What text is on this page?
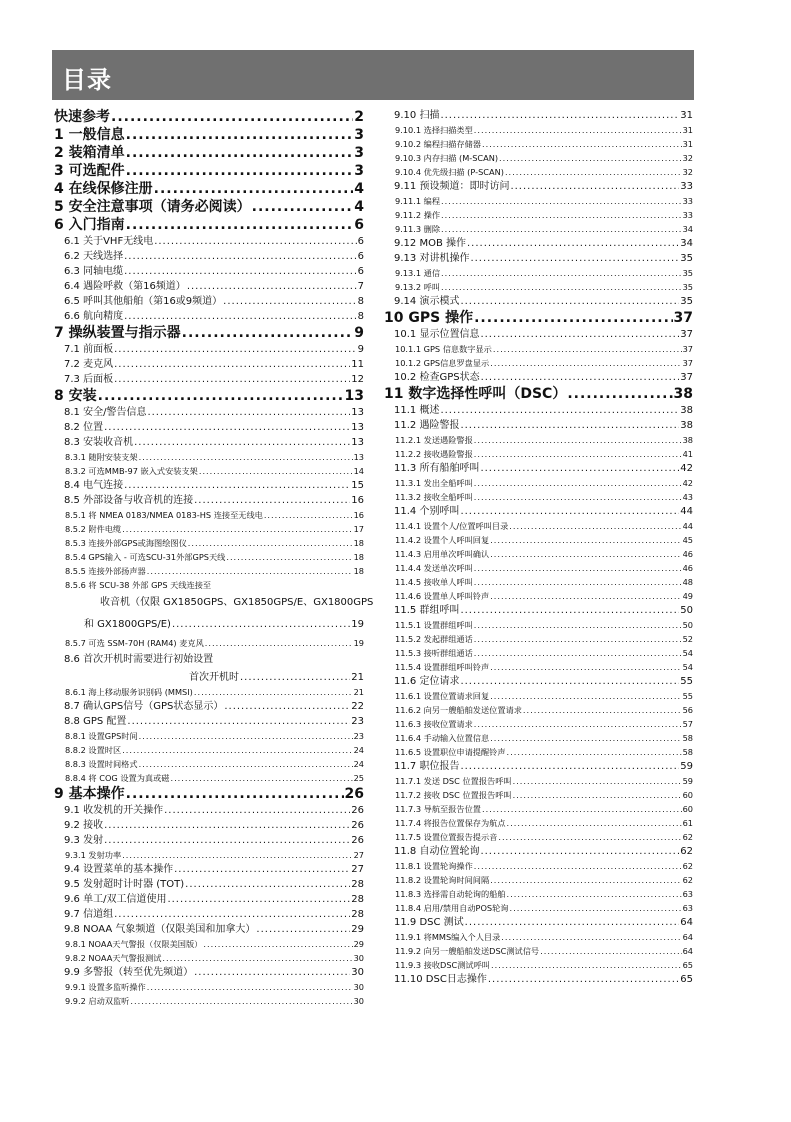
目录
快速参考 .....	2
1 一般信息 .....	3
2 装箱清单 .....	3
3 可选配件 .....	3
4 在线保修注册 .....	4
5 安全注意事项（请务必阅读） .....	4
6 入门指南 .....	6
6.1 关于VHF无线电 .....	6
6.2 天线选择 .....	6
6.3 同轴电缆 .....	6
6.4 遇险呼救（第16频道） .....	7
6.5 呼叫其他船舶（第16或9频道） .....	8
6.6 航向精度 .....	8
7 操纵装置与指示器 .....	9
7.1 前面板 .....	9
7.2 麦克风 .....	11
7.3 后面板 .....	12
8 安装 .....	13
8.1 安全/警告信息 .....	13
8.2 位置 .....	13
8.3 安装收音机 .....	13
8.3.1 随附安装支架 .....	13
8.3.2 可选MMB-97 嵌入式安装支架 .....	14
8.4 电气连接 .....	15
8.5 外部设备与收音机的连接 .....	16
8.5.1 将 NMEA 0183/NMEA 0183-HS 连接至无线电 .....	16
8.5.2 附件电缆 .....	17
8.5.3 连接外部GPS或海图绘图仪 .....	18
8.5.4 GPS输入 - 可选SCU-31外部GPS天线 .....	18
8.5.5 连接外部扬声器 .....	18
8.5.6 将 SCU-38 外部 GPS 天线连接至
收音机（仅限 GX1850GPS、GX1850GPS/E、GX1800GPS
和 GX1800GPS/E) .....	19
8.5.7 可选 SSM-70H (RAM4) 麦克风 .....	19
8.6 首次开机时需要进行初始设置
首次开机时 .....	21
8.6.1 海上移动服务识别码 (MMSI) .....	21
8.7 确认GPS信号（GPS状态显示） .....	22
8.8 GPS 配置 .....	23
8.8.1 设置GPS时间 .....	23
8.8.2 设置时区 .....	24
8.8.3 设置时间格式 .....	24
8.8.4 将 COG 设置为真或磁 .....	25
9 基本操作 .....	26
9.1 收发机的开关操作 .....	26
9.2 接收 .....	26
9.3 发射 .....	26
9.3.1 发射功率 .....	27
9.4 设置菜单的基本操作 .....	27
9.5 发射超时计时器 (TOT) .....	28
9.6 单工/双工信道使用 .....	28
9.7 信道组 .....	28
9.8 NOAA 气象频道（仅限美国和加拿大） .....	29
9.8.1 NOAA天气警报（仅限美国版） .....	29
9.8.2 NOAA天气警报测试 .....	30
9.9 多警报（转至优先频道） .....	30
9.9.1 设置多监听操作 .....	30
9.9.2 启动双监听 .....	30
9.10 扫描 .....	31
9.10.1 选择扫描类型 .....	31
9.10.2 编程扫描存储器 .....	31
9.10.3 内存扫描 (M-SCAN) .....	32
9.10.4 优先级扫描 (P-SCAN) .....	32
9.11 预设频道：即时访问 .....	33
9.11.1 编程 .....	33
9.11.2 操作 .....	33
9.11.3 删除 .....	34
9.12 MOB 操作 .....	34
9.13 对讲机操作 .....	35
9.13.1 通信 .....	35
9.13.2 呼叫 .....	35
9.14 演示模式 .....	35
10 GPS 操作 .....	37
10.1 显示位置信息 .....	37
10.1.1 GPS 信息数字显示 .....	37
10.1.2 GPS信息罗盘显示 .....	37
10.2 检查GPS状态 .....	37
11 数字选择性呼叫（DSC） .....	38
11.1 概述 .....	38
11.2 遇险警报 .....	38
11.2.1 发送遇险警报 .....	38
11.2.2 接收遇险警报 .....	41
11.3 所有船舶呼叫 .....	42
11.3.1 发出全船呼叫 .....	42
11.3.2 接收全船呼叫 .....	43
11.4 个别呼叫 .....	44
11.4.1 设置个人/位置呼叫目录 .....	44
11.4.2 设置个人呼叫回复 .....	45
11.4.3 启用单次呼叫确认 .....	46
11.4.4 发送单次呼叫 .....	46
11.4.5 接收单人呼叫 .....	48
11.4.6 设置单人呼叫铃声 .....	49
11.5 群组呼叫 .....	50
11.5.1 设置群组呼叫 .....	50
11.5.2 发起群组通话 .....	52
11.5.3 接听群组通话 .....	54
11.5.4 设置群组呼叫铃声 .....	54
11.6 定位请求 .....	55
11.6.1 设置位置请求回复 .....	55
11.6.2 向另一艘船舶发送位置请求 .....	56
11.6.3 接收位置请求 .....	57
11.6.4 手动输入位置信息 .....	58
11.6.5 设置职位申请提醒铃声 .....	58
11.7 职位报告 .....	59
11.7.1 发送 DSC 位置报告呼叫 .....	59
11.7.2 接收 DSC 位置报告呼叫 .....	60
11.7.3 导航至报告位置 .....	60
11.7.4 将报告位置保存为航点 .....	61
11.7.5 设置位置报告提示音 .....	62
11.8 自动位置轮询 .....	62
11.8.1 设置轮询操作 .....	62
11.8.2 设置轮询时间间隔 .....	62
11.8.3 选择需自动轮询的船舶 .....	63
11.8.4 启用/禁用自动POS轮询 .....	63
11.9 DSC 测试 .....	64
11.9.1 将MMS编入个人目录 .....	64
11.9.2 向另一艘船舶发送DSC测试信号 .....	64
11.9.3 接收DSC测试呼叫 .....	65
11.10 DSC日志操作 .....	65
